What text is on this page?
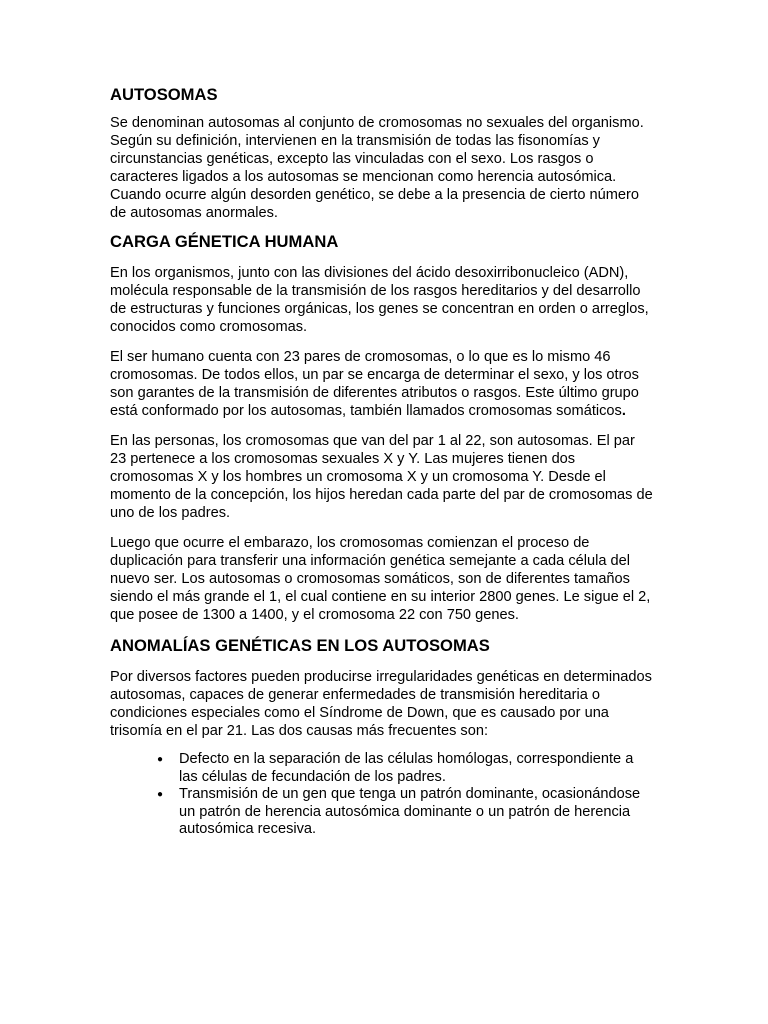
AUTOSOMAS

Se denominan autosomas al conjunto de cromosomas no sexuales del organismo. Según su definición, intervienen en la transmisión de todas las fisonomías y circunstancias genéticas, excepto las vinculadas con el sexo. Los rasgos o caracteres ligados a los autosomas se mencionan como herencia autosómica. Cuando ocurre algún desorden genético, se debe a la presencia de cierto número de autosomas anormales.

CARGA GÉNETICA HUMANA

En los organismos, junto con las divisiones del ácido desoxirribonucleico (ADN), molécula responsable de la transmisión de los rasgos hereditarios y del desarrollo de estructuras y funciones orgánicas, los genes se concentran en orden o arreglos, conocidos como cromosomas.

El ser humano cuenta con 23 pares de cromosomas, o lo que es lo mismo 46 cromosomas. De todos ellos, un par se encarga de determinar el sexo, y los otros son garantes de la transmisión de diferentes atributos o rasgos. Este último grupo está conformado por los autosomas, también llamados cromosomas somáticos.

En las personas, los cromosomas que van del par 1 al 22, son autosomas. El par 23 pertenece a los cromosomas sexuales X y Y. Las mujeres tienen dos cromosomas X y los hombres un cromosoma X y un cromosoma Y. Desde el momento de la concepción, los hijos heredan cada parte del par de cromosomas de uno de los padres.

Luego que ocurre el embarazo, los cromosomas comienzan el proceso de duplicación para transferir una información genética semejante a cada célula del nuevo ser. Los autosomas o cromosomas somáticos, son de diferentes tamaños siendo el más grande el 1, el cual contiene en su interior 2800 genes. Le sigue el 2, que posee de 1300 a 1400, y el cromosoma 22 con 750 genes.

ANOMALÍAS GENÉTICAS EN LOS AUTOSOMAS

Por diversos factores pueden producirse irregularidades genéticas en determinados autosomas, capaces de generar enfermedades de transmisión hereditaria o condiciones especiales como el Síndrome de Down, que es causado por una trisomía en el par 21. Las dos causas más frecuentes son:

● Defecto en la separación de las células homólogas, correspondiente a las células de fecundación de los padres.
● Transmisión de un gen que tenga un patrón dominante, ocasionándose un patrón de herencia autosómica dominante o un patrón de herencia autosómica recesiva.
